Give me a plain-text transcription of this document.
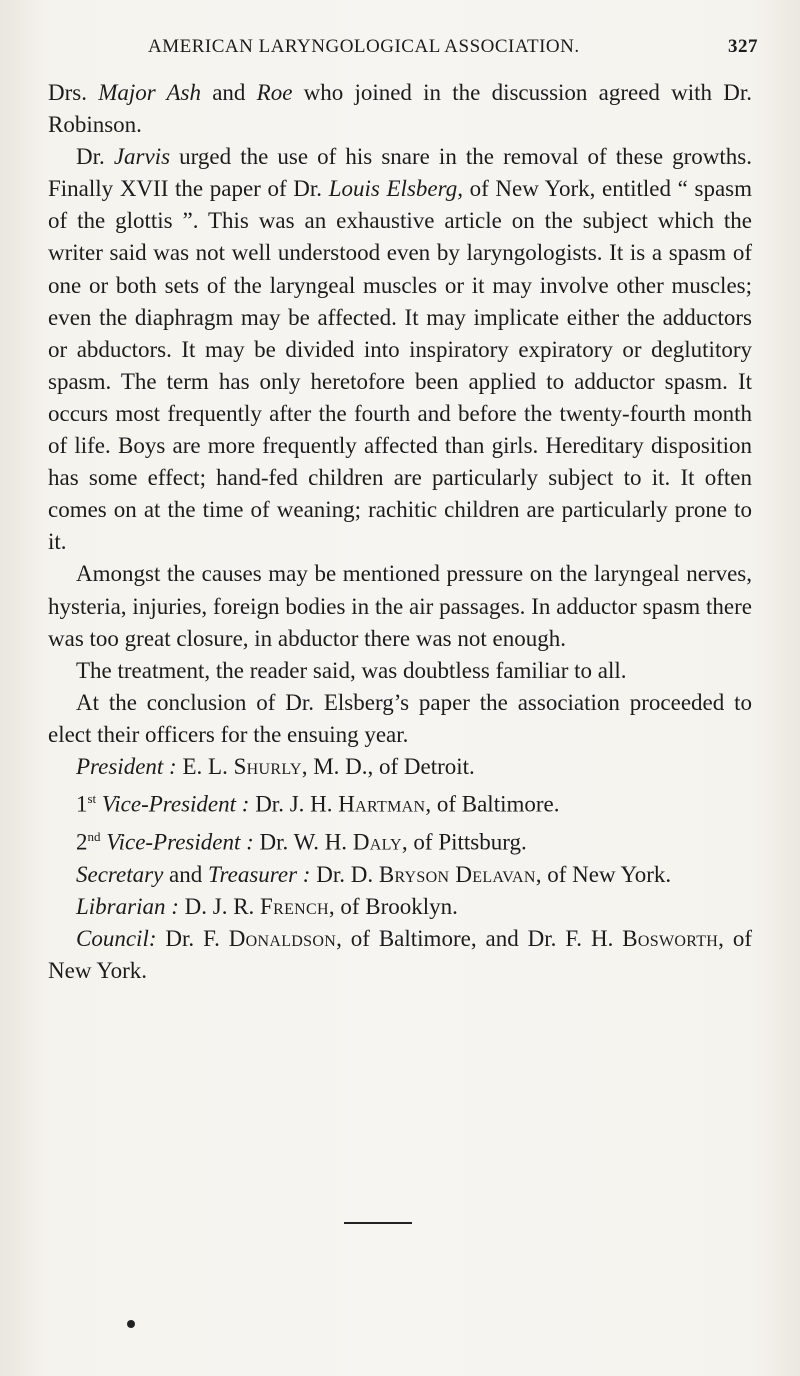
AMERICAN LARYNGOLOGICAL ASSOCIATION.	327

Drs. Major Ash and Roe who joined in the discussion agreed with Dr. Robinson.

Dr. Jarvis urged the use of his snare in the removal of these growths. Finally XVII the paper of Dr. Louis Elsberg, of New York, entitled “ spasm of the glottis ”. This was an exhaustive article on the subject which the writer said was not well understood even by laryngologists. It is a spasm of one or both sets of the laryngeal muscles or it may involve other muscles; even the diaphragm may be affected. It may implicate either the adductors or abductors. It may be divided into inspiratory expiratory or deglutitory spasm. The term has only heretofore been applied to adductor spasm. It occurs most frequently after the fourth and before the twenty-fourth month of life. Boys are more frequently affected than girls. Hereditary disposition has some effect; hand-fed children are particularly subject to it. It often comes on at the time of weaning; rachitic children are particularly prone to it.

Amongst the causes may be mentioned pressure on the laryngeal nerves, hysteria, injuries, foreign bodies in the air passages. In adductor spasm there was too great closure, in abductor there was not enough.

The treatment, the reader said, was doubtless familiar to all.

At the conclusion of Dr. Elsberg’s paper the association proceeded to elect their officers for the ensuing year.

President : E. L. Shurly, M. D., of Detroit.

1st Vice-President : Dr. J. H. Hartman, of Baltimore.

2nd Vice-President : Dr. W. H. Daly, of Pittsburg.

Secretary and Treasurer : Dr. D. Bryson Delavan, of New York.

Librarian : D. J. R. French, of Brooklyn.

Council: Dr. F. Donaldson, of Baltimore, and Dr. F. H. Bosworth, of New York.
